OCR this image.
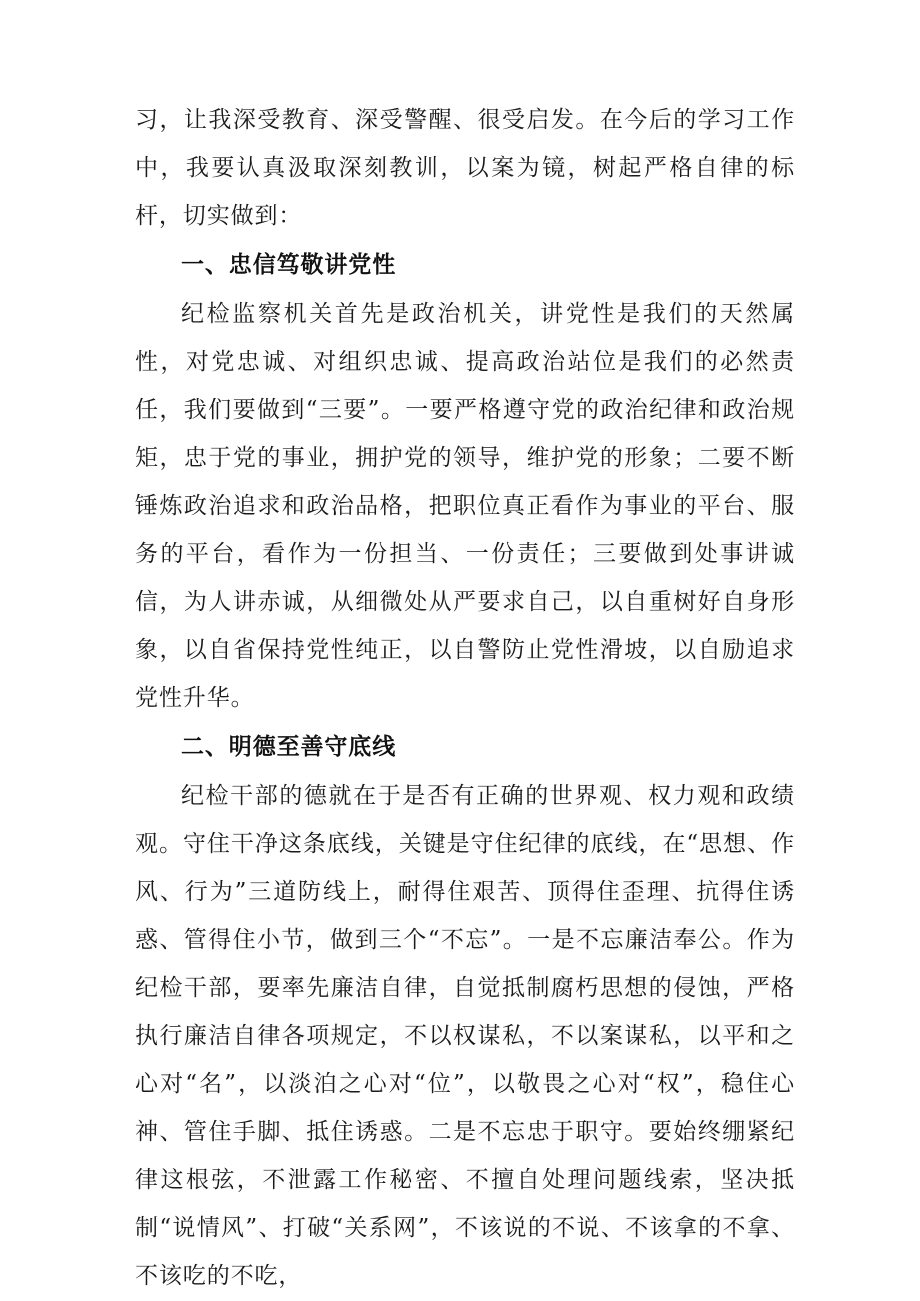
习，让我深受教育、深受警醒、很受启发。在今后的学习工作中，我要认真汲取深刻教训，以案为镜，树起严格自律的标杆，切实做到：

一、忠信笃敬讲党性

纪检监察机关首先是政治机关，讲党性是我们的天然属性，对党忠诚、对组织忠诚、提高政治站位是我们的必然责任，我们要做到“三要”。一要严格遵守党的政治纪律和政治规矩，忠于党的事业，拥护党的领导，维护党的形象；二要不断锤炼政治追求和政治品格，把职位真正看作为事业的平台、服务的平台，看作为一份担当、一份责任；三要做到处事讲诚信，为人讲赤诚，从细微处从严要求自己，以自重树好自身形象，以自省保持党性纯正，以自警防止党性滑坡，以自励追求党性升华。

二、明德至善守底线

纪检干部的德就在于是否有正确的世界观、权力观和政绩观。守住干净这条底线，关键是守住纪律的底线，在“思想、作风、行为”三道防线上，耐得住艰苦、顶得住歪理、抗得住诱惑、管得住小节，做到三个“不忘”。一是不忘廉洁奉公。作为纪检干部，要率先廉洁自律，自觉抵制腐朽思想的侵蚀，严格执行廉洁自律各项规定，不以权谋私，不以案谋私，以平和之心对“名”，以淡泊之心对“位”，以敬畏之心对“权”，稳住心神、管住手脚、抵住诱惑。二是不忘忠于职守。要始终绷紧纪律这根弦，不泄露工作秘密、不擅自处理问题线索，坚决抵制“说情风”、打破“关系网”，不该说的不说、不该拿的不拿、不该吃的不吃，
